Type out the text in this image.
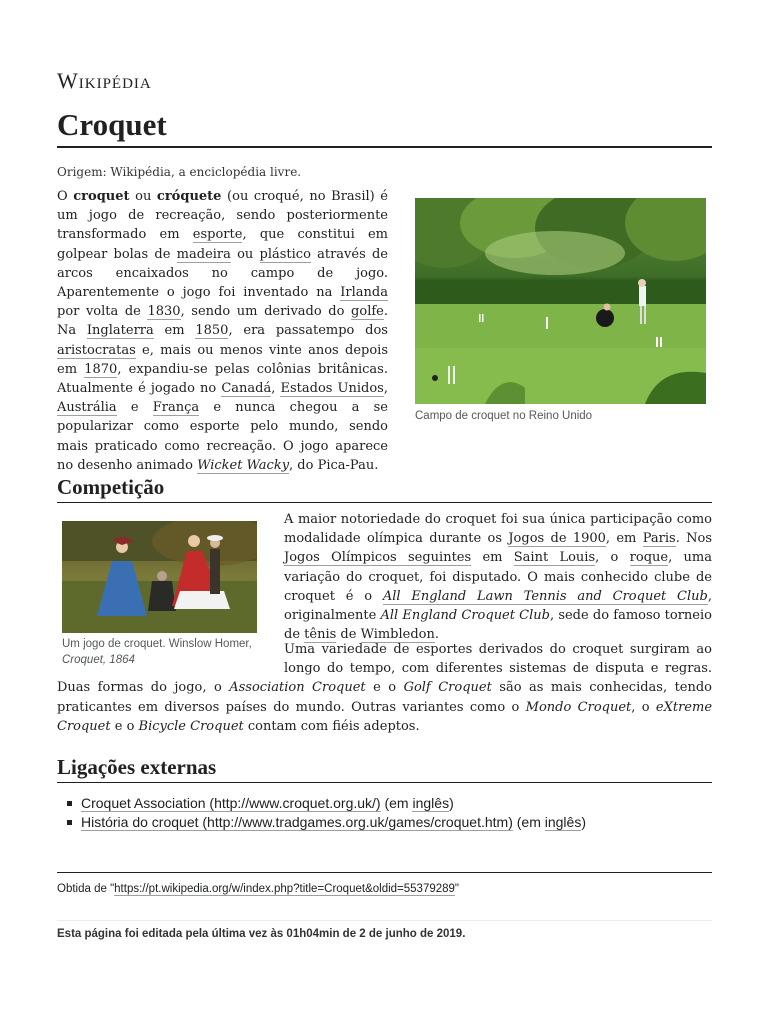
Wikipédia
Croquet
Origem: Wikipédia, a enciclopédia livre.

O croquet ou cróquete (ou croqué, no Brasil) é um jogo de recreação, sendo posteriormente transformado em esporte, que constitui em golpear bolas de madeira ou plástico através de arcos encaixados no campo de jogo. Aparentemente o jogo foi inventado na Irlanda por volta de 1830, sendo um derivado do golfe. Na Inglaterra em 1850, era passatempo dos aristocratas e, mais ou menos vinte anos depois em 1870, expandiu-se pelas colônias britânicas. Atualmente é jogado no Canadá, Estados Unidos, Austrália e França e nunca chegou a se popularizar como esporte pelo mundo, sendo mais praticado como recreação. O jogo aparece no desenho animado Wicket Wacky, do Pica-Pau.

Campo de croquet no Reino Unido
Competição
Um jogo de croquet. Winslow Homer, Croquet, 1864

A maior notoriedade do croquet foi sua única participação como modalidade olímpica durante os Jogos de 1900, em Paris. Nos Jogos Olímpicos seguintes em Saint Louis, o roque, uma variação do croquet, foi disputado. O mais conhecido clube de croquet é o All England Lawn Tennis and Croquet Club, originalmente All England Croquet Club, sede do famoso torneio de tênis de Wimbledon.

Uma variedade de esportes derivados do croquet surgiram ao longo do tempo, com diferentes sistemas de disputa e regras. Duas formas do jogo, o Association Croquet e o Golf Croquet são as mais conhecidas, tendo praticantes em diversos países do mundo. Outras variantes como o Mondo Croquet, o eXtreme Croquet e o Bicycle Croquet contam com fiéis adeptos.

Ligações externas
Croquet Association (http://www.croquet.org.uk/) (em inglês)
História do croquet (http://www.tradgames.org.uk/games/croquet.htm) (em inglês)
Obtida de "https://pt.wikipedia.org/w/index.php?title=Croquet&oldid=55379289"
Esta página foi editada pela última vez às 01h04min de 2 de junho de 2019.
